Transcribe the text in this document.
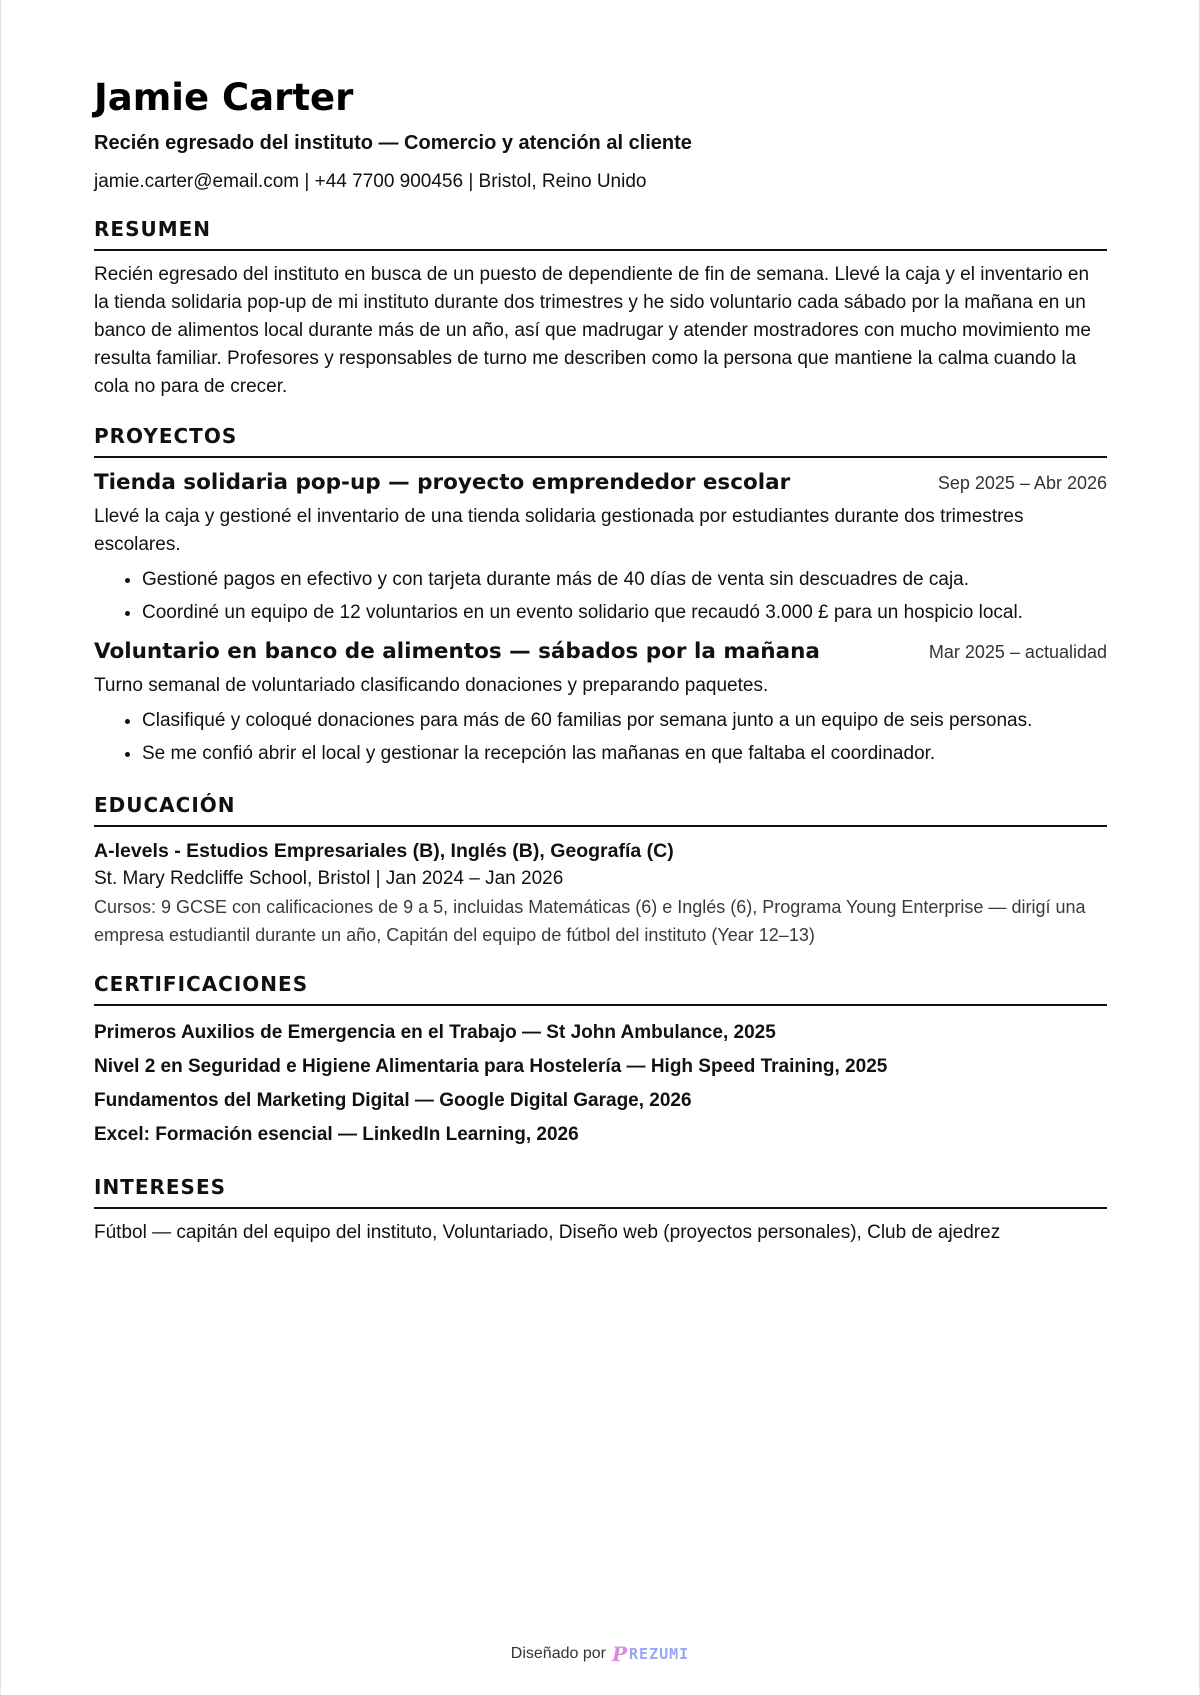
Jamie Carter
Recién egresado del instituto — Comercio y atención al cliente
jamie.carter@email.com | +44 7700 900456 | Bristol, Reino Unido
RESUMEN
Recién egresado del instituto en busca de un puesto de dependiente de fin de semana. Llevé la caja y el inventario en la tienda solidaria pop-up de mi instituto durante dos trimestres y he sido voluntario cada sábado por la mañana en un banco de alimentos local durante más de un año, así que madrugar y atender mostradores con mucho movimiento me resulta familiar. Profesores y responsables de turno me describen como la persona que mantiene la calma cuando la cola no para de crecer.
PROYECTOS
Tienda solidaria pop-up — proyecto emprendedor escolar	Sep 2025 – Abr 2026
Llevé la caja y gestioné el inventario de una tienda solidaria gestionada por estudiantes durante dos trimestres escolares.
• Gestioné pagos en efectivo y con tarjeta durante más de 40 días de venta sin descuadres de caja.
• Coordiné un equipo de 12 voluntarios en un evento solidario que recaudó 3.000 £ para un hospicio local.
Voluntario en banco de alimentos — sábados por la mañana	Mar 2025 – actualidad
Turno semanal de voluntariado clasificando donaciones y preparando paquetes.
• Clasifiqué y coloqué donaciones para más de 60 familias por semana junto a un equipo de seis personas.
• Se me confió abrir el local y gestionar la recepción las mañanas en que faltaba el coordinador.
EDUCACIÓN
A-levels - Estudios Empresariales (B), Inglés (B), Geografía (C)
St. Mary Redcliffe School, Bristol | Jan 2024 – Jan 2026
Cursos: 9 GCSE con calificaciones de 9 a 5, incluidas Matemáticas (6) e Inglés (6), Programa Young Enterprise — dirigí una empresa estudiantil durante un año, Capitán del equipo de fútbol del instituto (Year 12–13)
CERTIFICACIONES
Primeros Auxilios de Emergencia en el Trabajo — St John Ambulance, 2025
Nivel 2 en Seguridad e Higiene Alimentaria para Hostelería — High Speed Training, 2025
Fundamentos del Marketing Digital — Google Digital Garage, 2026
Excel: Formación esencial — LinkedIn Learning, 2026
INTERESES
Fútbol — capitán del equipo del instituto, Voluntariado, Diseño web (proyectos personales), Club de ajedrez
Diseñado por P REZUMI
